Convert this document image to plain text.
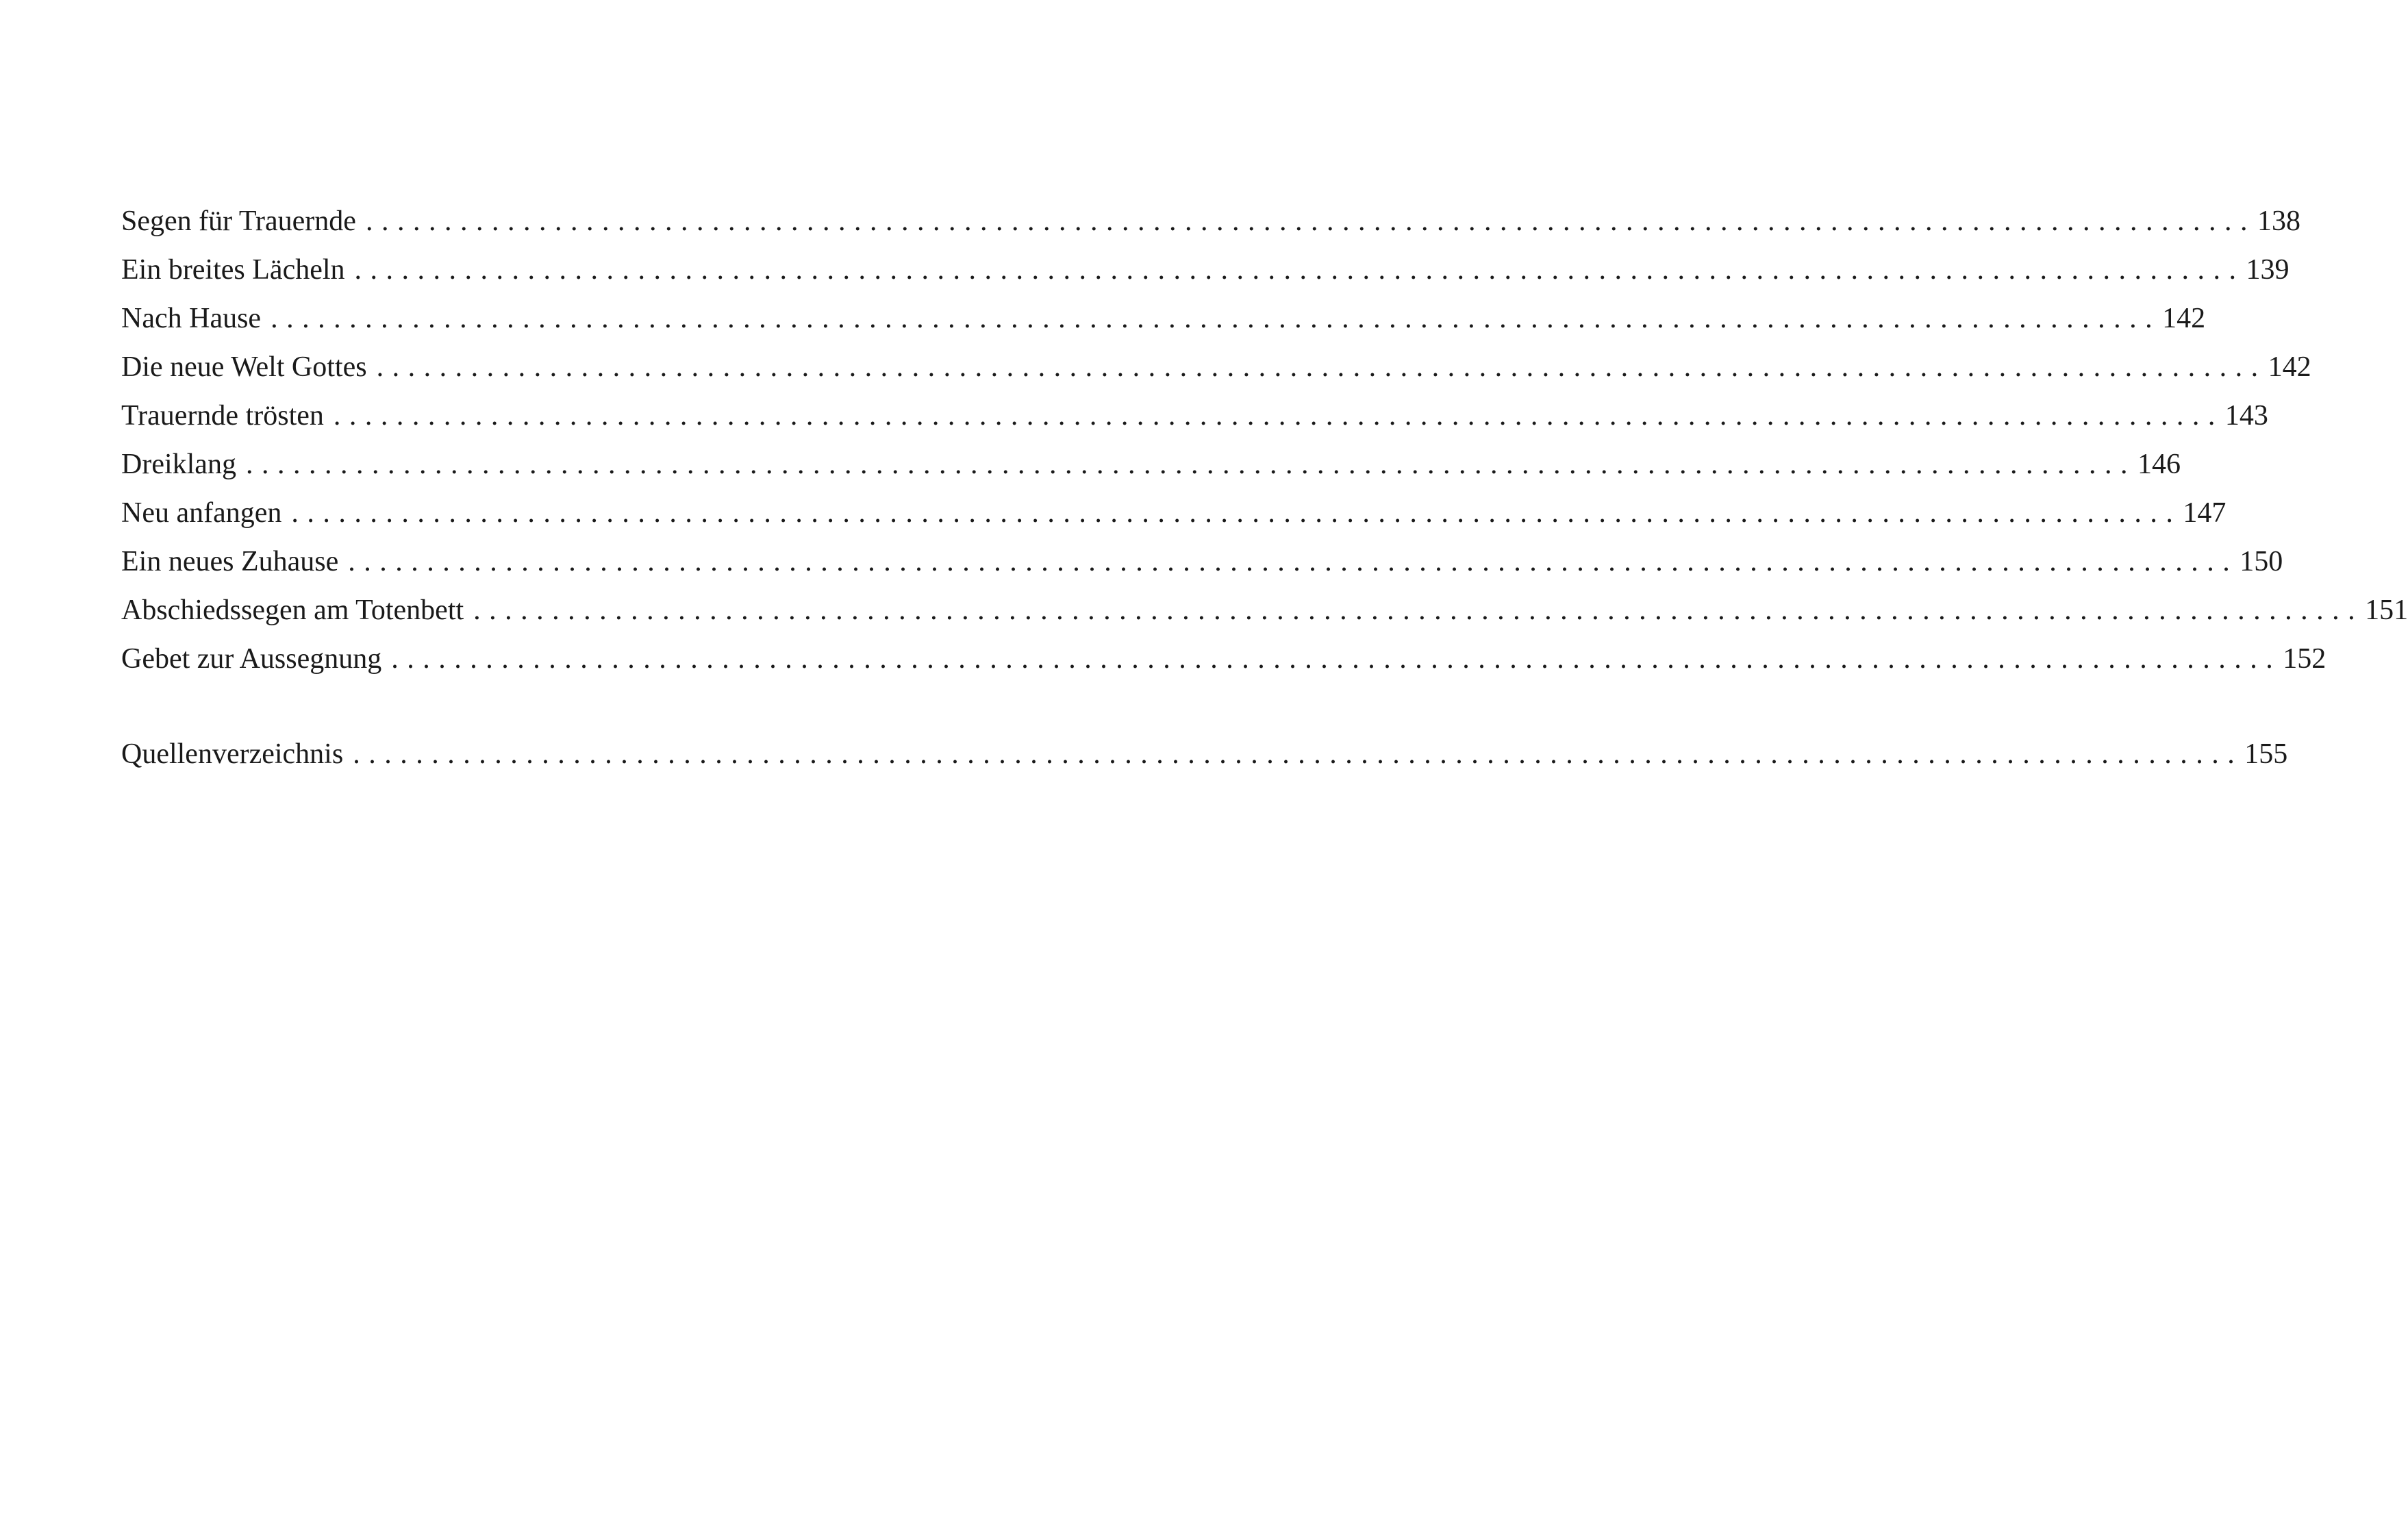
Segen für Trauernde ........................................................................................................................ 138
Ein breites Lächeln ........................................................................................................................ 139
Nach Hause ........................................................................................................................ 142
Die neue Welt Gottes ........................................................................................................................ 142
Trauernde trösten ........................................................................................................................ 143
Dreiklang ........................................................................................................................ 146
Neu anfangen ........................................................................................................................ 147
Ein neues Zuhause ........................................................................................................................ 150
Abschiedssegen am Totenbett ........................................................................................................................ 151
Gebet zur Aussegnung ........................................................................................................................ 152
Quellenverzeichnis ........................................................................................................................ 155
